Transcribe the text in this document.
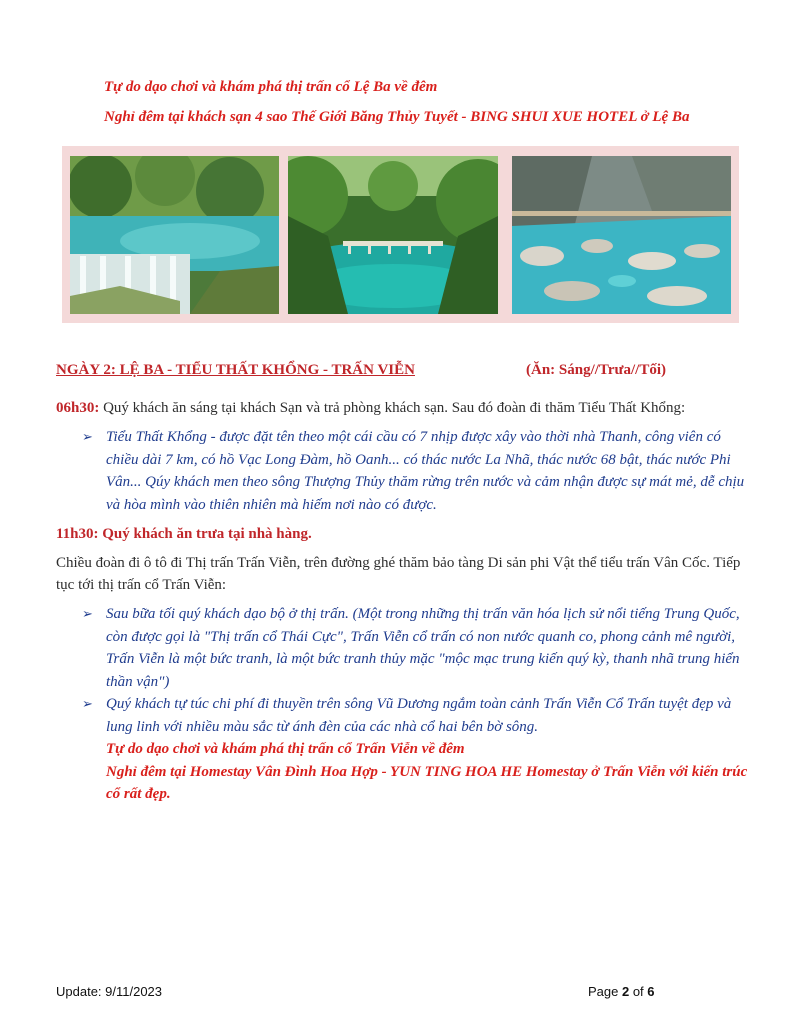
Tự do dạo chơi và khám phá thị trấn cổ Lệ Ba về đêm
Nghỉ đêm tại khách sạn 4 sao Thế Giới Băng Thủy Tuyết - BING SHUI XUE HOTEL ở Lệ Ba
NGÀY 2: LỆ BA - TIỂU THẤT KHỔNG - TRẤN VIỄN	(Ăn: Sáng//Trưa//Tối)
06h30: Quý khách ăn sáng tại khách Sạn và trả phòng khách sạn. Sau đó đoàn đi thăm Tiểu Thất Khổng:
➢ Tiểu Thất Khổng - được đặt tên theo một cái cầu có 7 nhịp được xây vào thời nhà Thanh, công viên có chiều dài 7 km, có hồ Vạc Long Đàm, hồ Oanh... có thác nước La Nhã, thác nước 68 bật, thác nước Phi Vân... Qúy khách men theo sông Thượng Thủy thăm rừng trên nước và cảm nhận được sự mát mẻ, dễ chịu và hòa mình vào thiên nhiên mà hiếm nơi nào có được.
11h30: Quý khách ăn trưa tại nhà hàng.
Chiều đoàn đi ô tô đi Thị trấn Trấn Viễn, trên đường ghé thăm bảo tàng Di sản phi Vật thể tiểu trấn Vân Cốc. Tiếp tục tới thị trấn cổ Trấn Viễn:
➢ Sau bữa tối quý khách dạo bộ ở thị trấn. (Một trong những thị trấn văn hóa lịch sử nổi tiếng Trung Quốc, còn được gọi là "Thị trấn cổ Thái Cực", Trấn Viễn cổ trấn có non nước quanh co, phong cảnh mê người, Trấn Viễn là một bức tranh, là một bức tranh thủy mặc "mộc mạc trung kiến quý kỳ, thanh nhã trung hiển thần vận")
➢ Quý khách tự túc chi phí đi thuyền trên sông Vũ Dương ngắm toàn cảnh Trấn Viễn Cổ Trấn tuyệt đẹp và lung linh với nhiều màu sắc từ ánh đèn của các nhà cổ hai bên bờ sông.
Tự do dạo chơi và khám phá thị trấn cổ Trấn Viễn về đêm
Nghỉ đêm tại Homestay Vân Đình Hoa Hợp - YUN TING HOA HE Homestay ở Trấn Viễn với kiến trúc cổ rất đẹp.
Update: 9/11/2023	Page 2 of 6
